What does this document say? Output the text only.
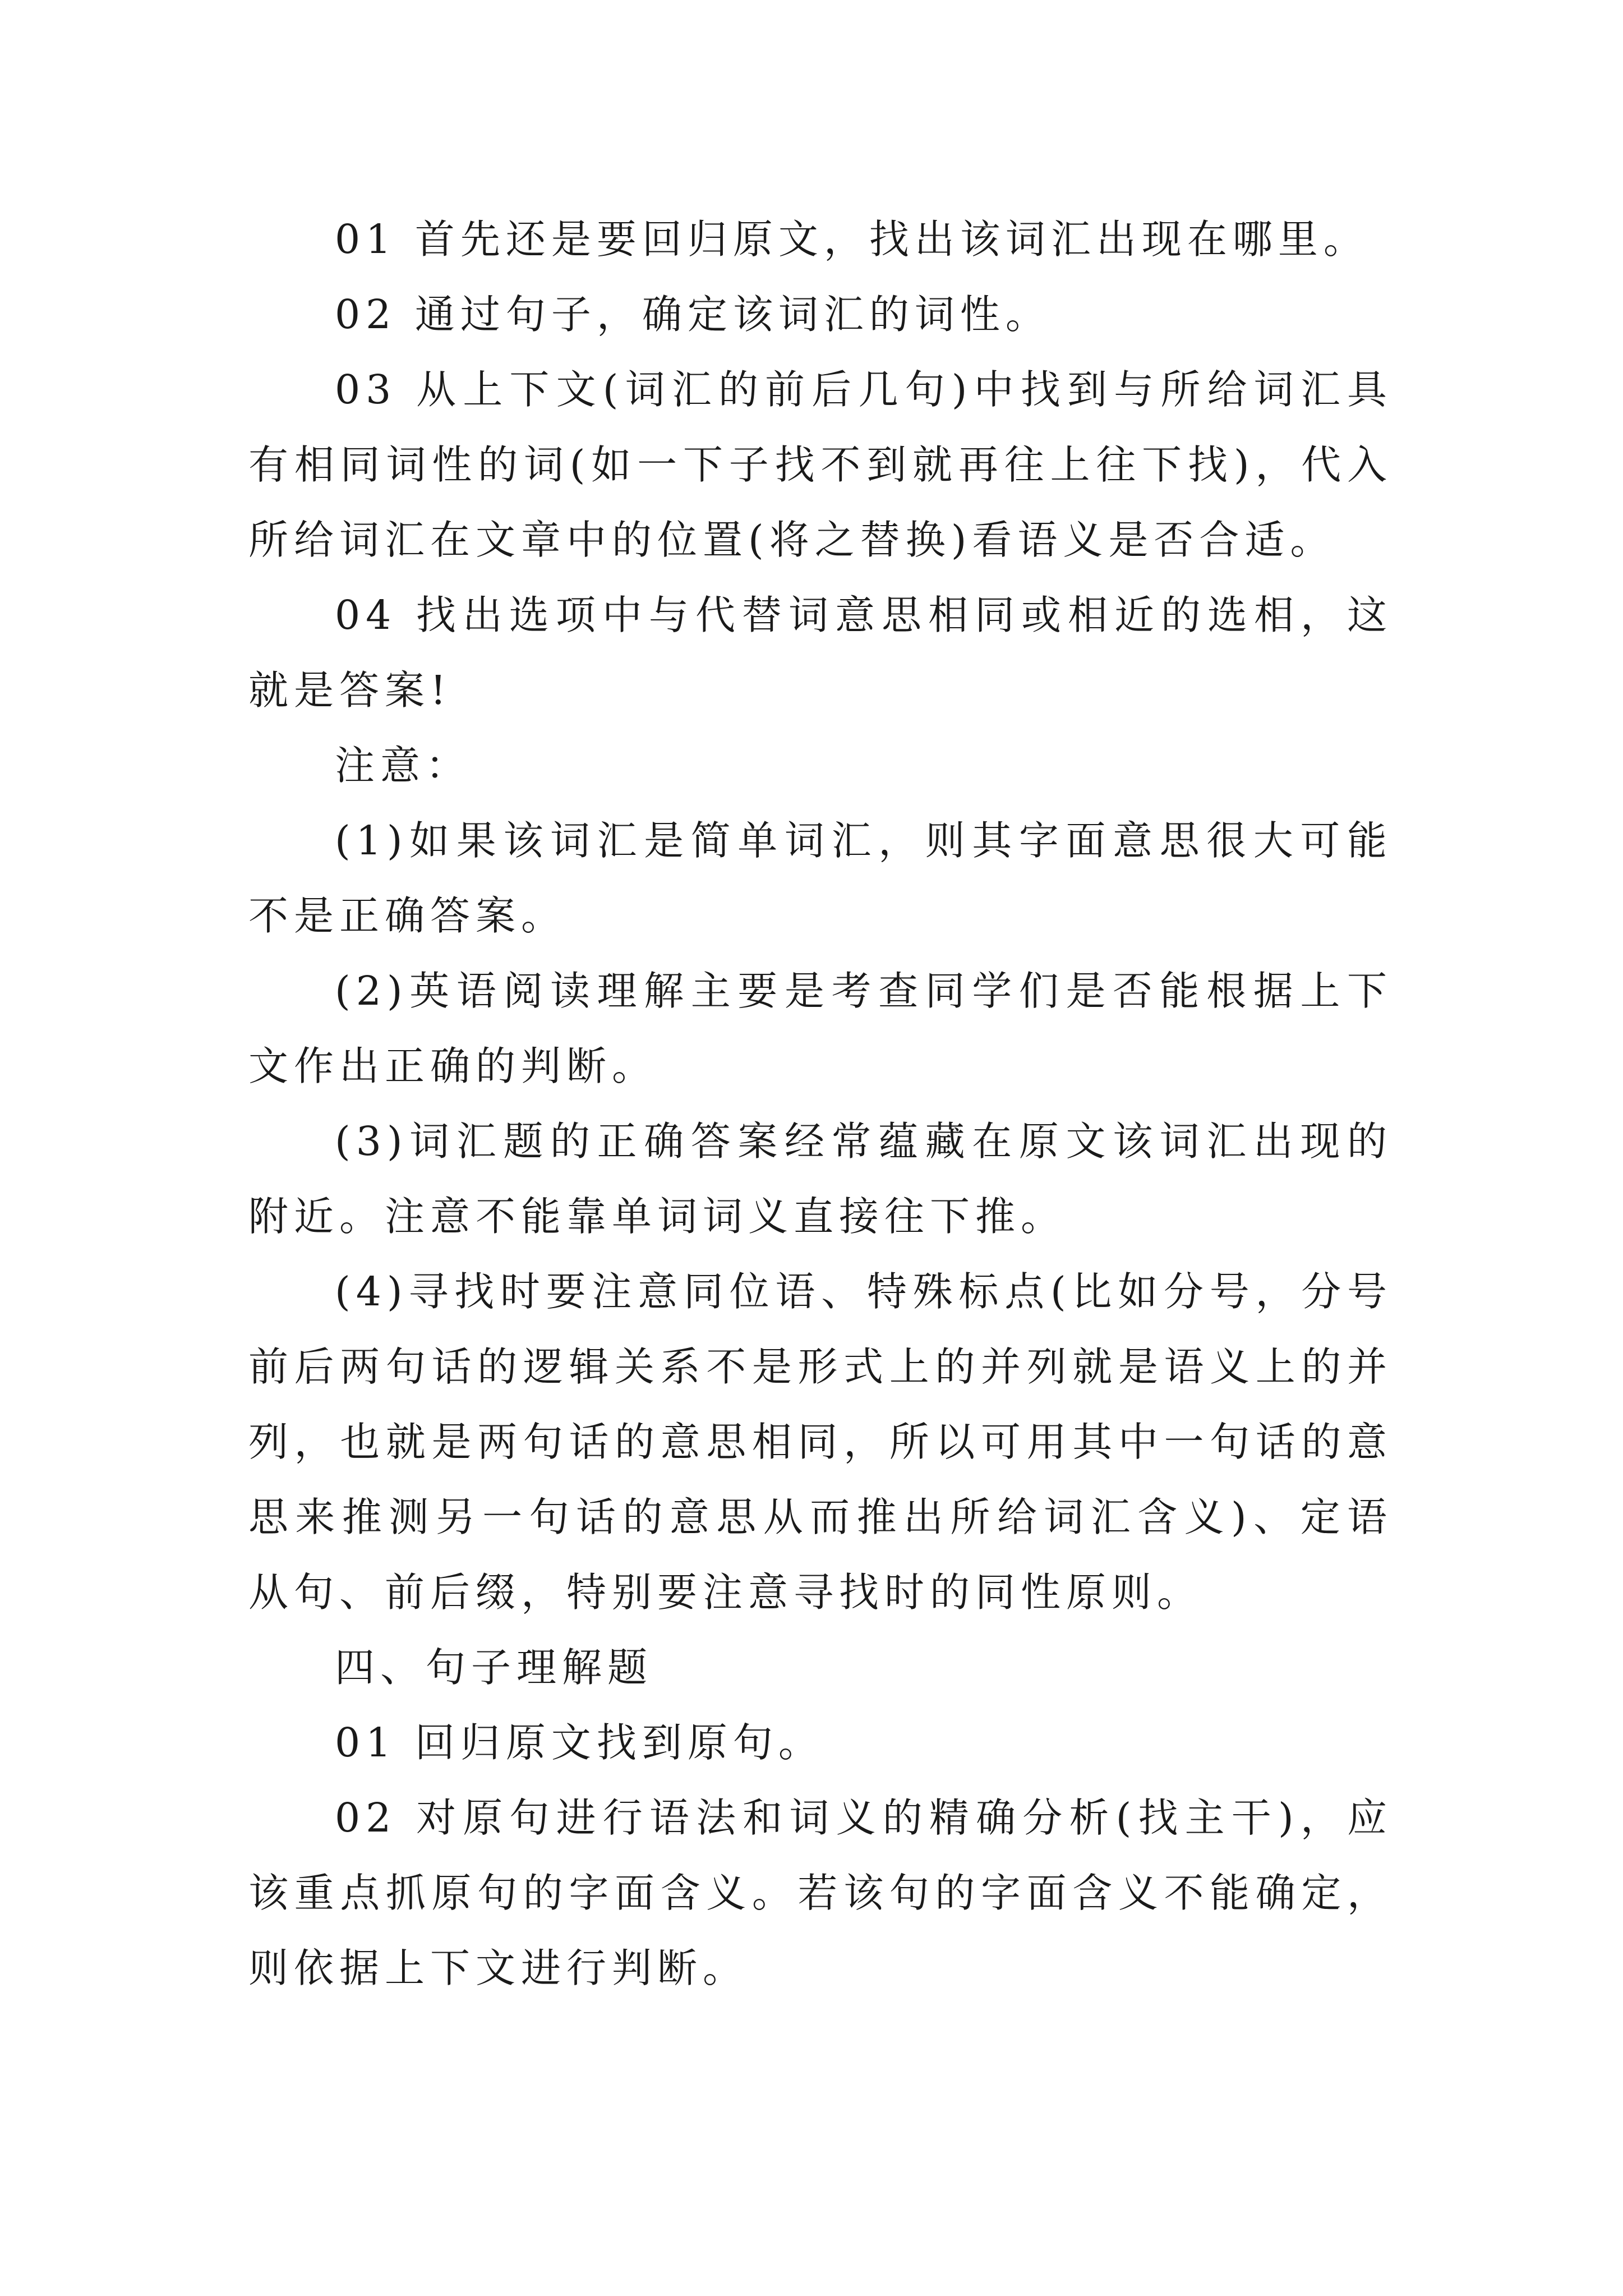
01 首先还是要回归原文，找出该词汇出现在哪里。

02 通过句子，确定该词汇的词性。

03 从上下文(词汇的前后几句)中找到与所给词汇具有相同词性的词(如一下子找不到就再往上往下找)，代入所给词汇在文章中的位置(将之替换)看语义是否合适。

04 找出选项中与代替词意思相同或相近的选相，这就是答案!

注意：

(1)如果该词汇是简单词汇，则其字面意思很大可能不是正确答案。

(2)英语阅读理解主要是考查同学们是否能根据上下文作出正确的判断。

(3)词汇题的正确答案经常蕴藏在原文该词汇出现的附近。注意不能靠单词词义直接往下推。

(4)寻找时要注意同位语、特殊标点(比如分号，分号前后两句话的逻辑关系不是形式上的并列就是语义上的并列，也就是两句话的意思相同，所以可用其中一句话的意思来推测另一句话的意思从而推出所给词汇含义)、定语从句、前后缀，特别要注意寻找时的同性原则。

四、句子理解题

01 回归原文找到原句。

02 对原句进行语法和词义的精确分析(找主干)，应该重点抓原句的字面含义。若该句的字面含义不能确定，则依据上下文进行判断。
